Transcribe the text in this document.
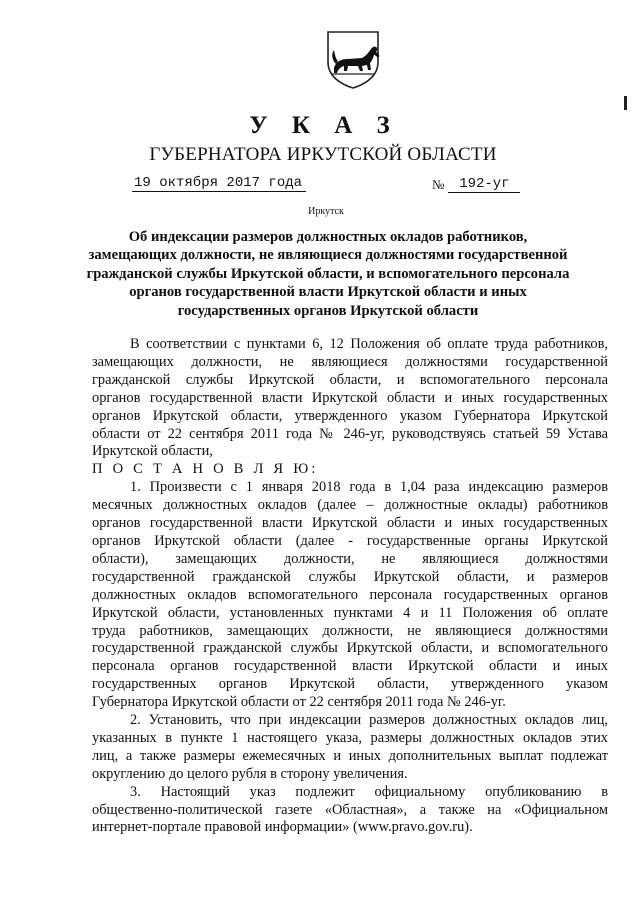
У К А З
ГУБЕРНАТОРА ИРКУТСКОЙ ОБЛАСТИ
19 октября 2017 года	№	192-уг
Иркутск
Об индексации размеров должностных окладов работников,
замещающих должности, не являющиеся должностями государственной
гражданской службы Иркутской области, и вспомогательного персонала
органов государственной власти Иркутской области и иных
государственных органов Иркутской области
В соответствии с пунктами 6, 12 Положения об оплате труда работников,
замещающих должности, не являющиеся должностями государственной
гражданской службы Иркутской области, и вспомогательного персонала
органов государственной власти Иркутской области и иных государственных
органов Иркутской области, утвержденного указом Губернатора Иркутской
области от 22 сентября 2011 года № 246-уг, руководствуясь статьей 59 Устава
Иркутской области,
П О С Т А Н О В Л Я Ю:
1. Произвести с 1 января 2018 года в 1,04 раза индексацию размеров
месячных должностных окладов (далее – должностные оклады) работников
органов государственной власти Иркутской области и иных государственных
органов Иркутской области (далее - государственные органы Иркутской
области), замещающих должности, не являющиеся должностями
государственной гражданской службы Иркутской области, и размеров
должностных окладов вспомогательного персонала государственных органов
Иркутской области, установленных пунктами 4 и 11 Положения об оплате
труда работников, замещающих должности, не являющиеся должностями
государственной гражданской службы Иркутской области, и вспомогательного
персонала органов государственной власти Иркутской области и иных
государственных органов Иркутской области, утвержденного указом
Губернатора Иркутской области от 22 сентября 2011 года № 246-уг.
2. Установить, что при индексации размеров должностных окладов лиц,
указанных в пункте 1 настоящего указа, размеры должностных окладов этих
лиц, а также размеры ежемесячных и иных дополнительных выплат подлежат
округлению до целого рубля в сторону увеличения.
3. Настоящий указ подлежит официальному опубликованию в
общественно-политической газете «Областная», а также на «Официальном
интернет-портале правовой информации» (www.pravo.gov.ru).
